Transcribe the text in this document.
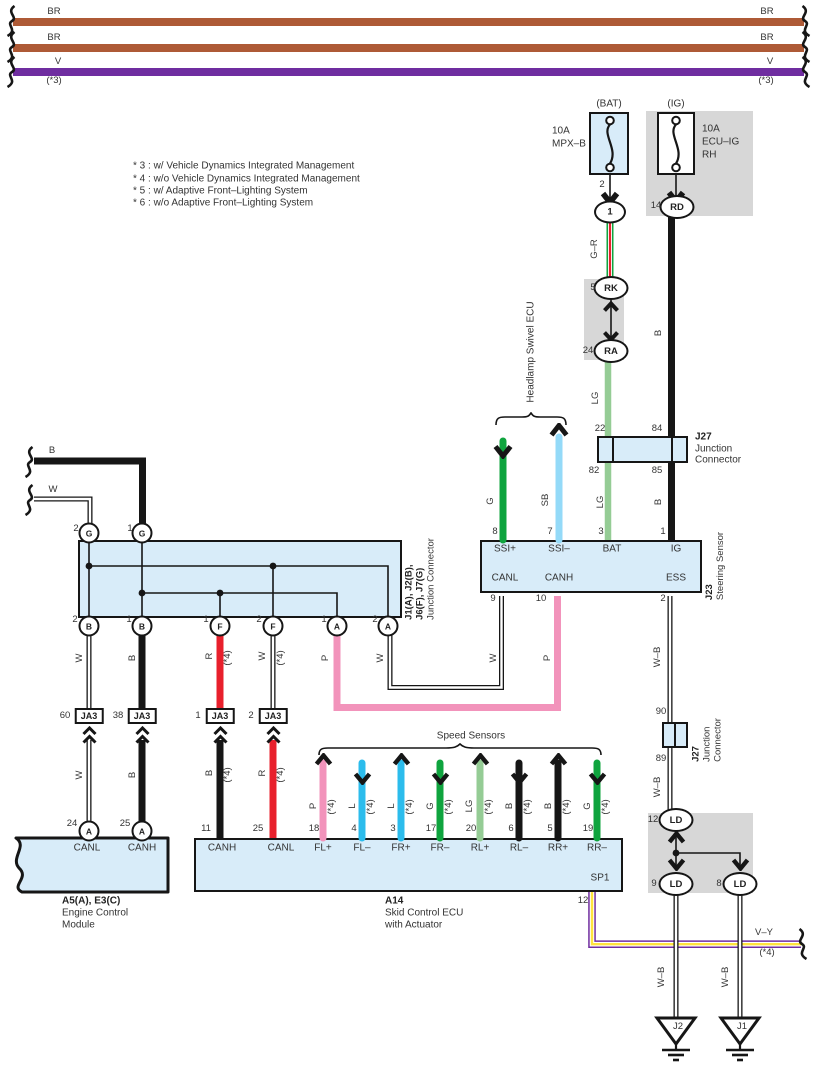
1	RD
RK
RA
LD
LD	LD
G	G
B	B	F	F	A	A
A	A
JA3	JA3	JA3	JA3
BR	BR
BR	BR
V	V
(*3)	(*3)
* 3 : w/ Vehicle Dynamics Integrated Management
* 4 : w/o Vehicle Dynamics Integrated Management
* 5 : w/ Adaptive Front–Lighting System
* 6 : w/o Adaptive Front–Lighting System
(BAT)
10A
MPX–B
2
(IG)
10A
ECU–IG
RH
14
G–R
5
24
LG
B
22	84
82	85
J27
Junction
Connector
LG	B
3	1
Headlamp Swivel ECU
G	SB
8	7
SSI+	SSI–	BAT	IG
CANL	CANH	ESS
J23 Steering Sensor
9	10	2
W
W	P
P
B
W
2	1
2	1	1	2	1	2	J1(A), J2(B), J6(F), J7(G) Junction Connector
W	B	R (*4)	W (*4)
60	38	1	2
W	B	B (*4)	R (*4)
24	25	11	25
CANL	CANH
A5(A), E3(C)
Engine Control
Module
CANH	CANL
SP1
12
A14
Skid Control ECU
with Actuator
Speed Sensors
P (*4)
18
FL+
L (*4)
4
FL–
L (*4)
3
FR+
G (*4)
17
FR–
LG (*4)
20
RL+
B (*4)
6
RL–
B (*4)
5
RR+
G (*4)
19
RR–
W–B
90
89	J27 Junction Connector
W–B
12
9	8
W–B	W–B
V–Y
(*4)
J2	J1
